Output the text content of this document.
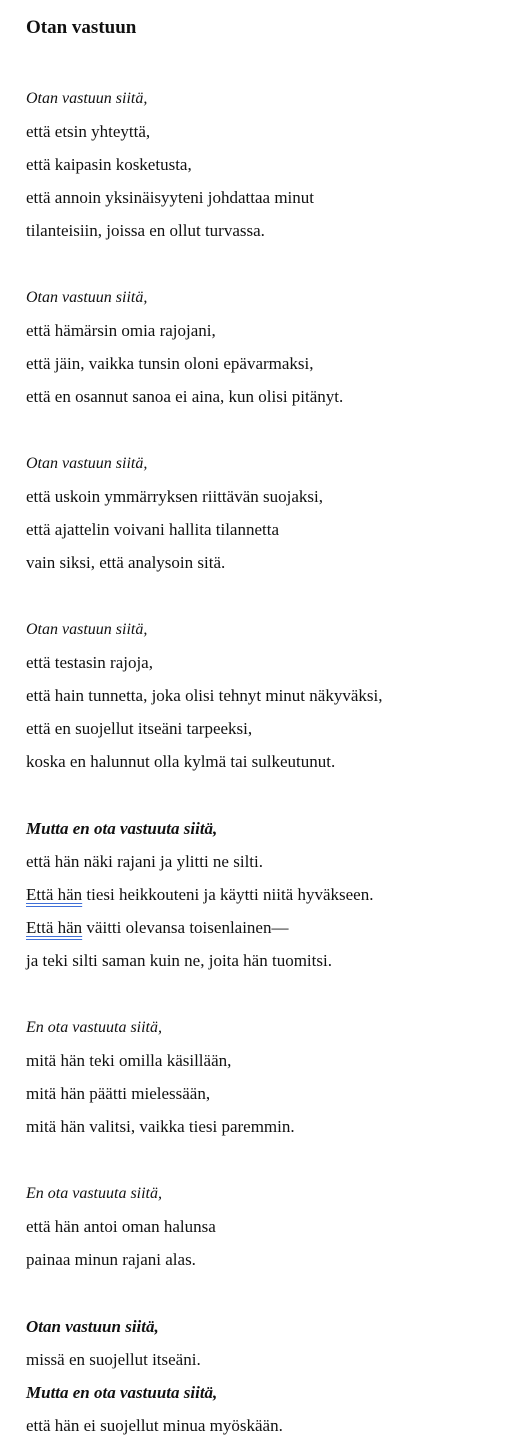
Otan vastuun
Otan vastuun siitä,
että etsin yhteyttä,
että kaipasin kosketusta,
että annoin yksinäisyyteni johdattaa minut
tilanteisiin, joissa en ollut turvassa.
Otan vastuun siitä,
että hämärsin omia rajojani,
että jäin, vaikka tunsin oloni epävarmaksi,
että en osannut sanoa ei aina, kun olisi pitänyt.
Otan vastuun siitä,
että uskoin ymmärryksen riittävän suojaksi,
että ajattelin voivani hallita tilannetta
vain siksi, että analysoin sitä.
Otan vastuun siitä,
että testasin rajoja,
että hain tunnetta, joka olisi tehnyt minut näkyväksi,
että en suojellut itseäni tarpeeksi,
koska en halunnut olla kylmä tai sulkeutunut.
Mutta en ota vastuuta siitä,
että hän näki rajani ja ylitti ne silti.
Että hän tiesi heikkouteni ja käytti niitä hyväkseen.
Että hän väitti olevansa toisenlainen—
ja teki silti saman kuin ne, joita hän tuomitsi.
En ota vastuuta siitä,
mitä hän teki omilla käsillään,
mitä hän päätti mielessään,
mitä hän valitsi, vaikka tiesi paremmin.
En ota vastuuta siitä,
että hän antoi oman halunsa
painaa minun rajani alas.
Otan vastuun siitä,
missä en suojellut itseäni.
Mutta en ota vastuuta siitä,
että hän ei suojellut minua myöskään.
